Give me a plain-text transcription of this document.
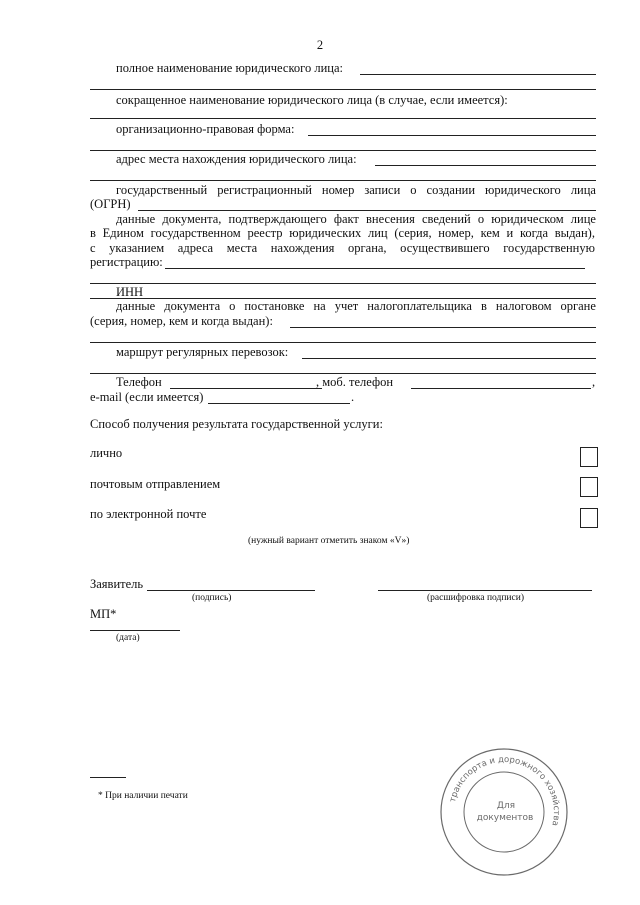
2
полное наименование юридического лица:
сокращенное наименование юридического лица (в случае, если имеется):
организационно-правовая форма:
адрес места нахождения юридического лица:
государственный регистрационный номер записи о создании юридического лица
(ОГРН)
данные документа, подтверждающего факт внесения сведений о юридическом лице
в Едином государственном реестр юридических лиц (серия, номер, кем и когда выдан),
с указанием адреса места нахождения органа, осуществившего государственную
регистрацию:
ИНН
данные документа о постановке на учет налогоплательщика в налоговом органе
(серия, номер, кем и когда выдан):
маршрут регулярных перевозок:
Телефон	, моб. телефон	,
e-mail (если имеется)	.
Способ получения результата государственной услуги:
лично
почтовым отправлением
по электронной почте
(нужный вариант отметить знаком «V»)
Заявитель
(подпись)	(расшифровка подписи)
МП*
(дата)
* При наличии печати	транспорта и дорожного хозяйства
Для
документов
